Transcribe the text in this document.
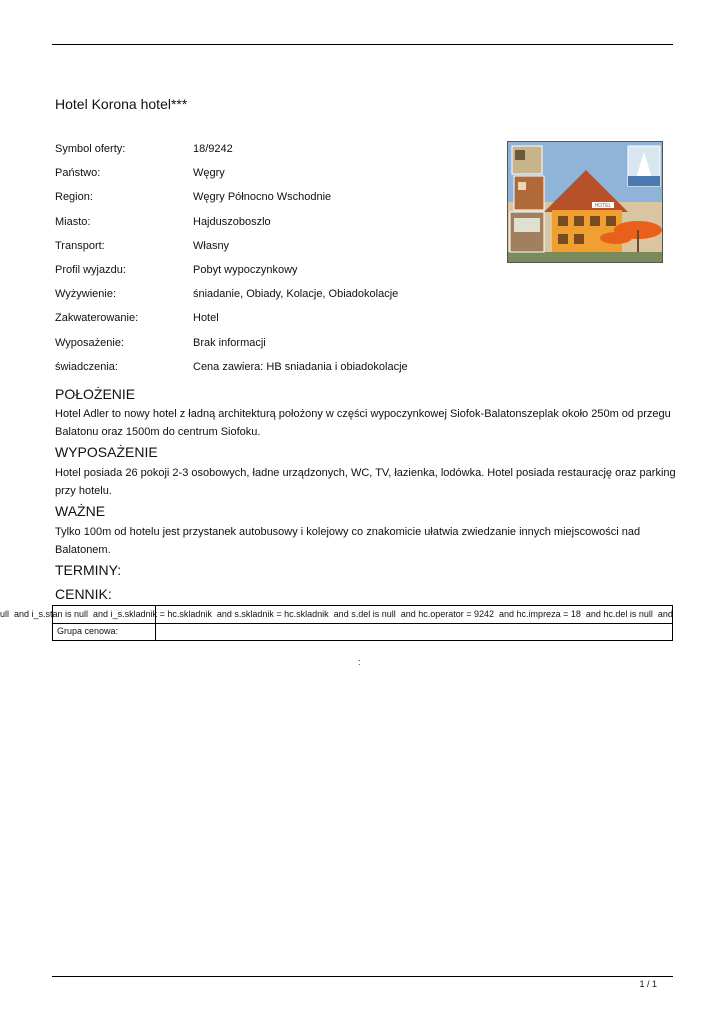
Hotel Korona hotel***
Symbol oferty:	18/9242
Państwo:	Węgry
Region:	Węgry Północno Wschodnie
Miasto:	Hajduszoboszlo
Transport:	Własny
Profil wyjazdu:	Pobyt wypoczynkowy
Wyżywienie:	śniadanie, Obiady, Kolacje, Obiadokolacje
Zakwaterowanie:	Hotel
Wyposażenie:	Brak informacji
świadczenia:	Cena zawiera: HB sniadania i obiadokolacje
HOTEL
POŁOŻENIE
Hotel Adler to nowy hotel z ładną architekturą położony w części wypoczynkowej Siofok-Balatonszeplak około 250m od przegu
Balatonu oraz 1500m do centrum Siofoku.
WYPOSAŻENIE
Hotel posiada 26 pokoji 2-3 osobowych, ładne urządzonych, WC, TV, łazienka, lodówka. Hotel posiada restaurację oraz parking
przy hotelu.
WAŻNE
Tylko 100m od hotelu jest przystanek autobusowy i kolejowy co znakomicie ułatwia zwiedzanie innych miejscowości nad
Balatonem.
TERMINY:
CENNIK:
ull  and i_s.stan is null  and i_s.skladnik = hc.skladnik  and s.skladnik = hc.skladnik  and s.del is null  and hc.operator = 9242  and hc.impreza = 18  and hc.del is null  and
Grupa cenowa:
:
1 / 1
